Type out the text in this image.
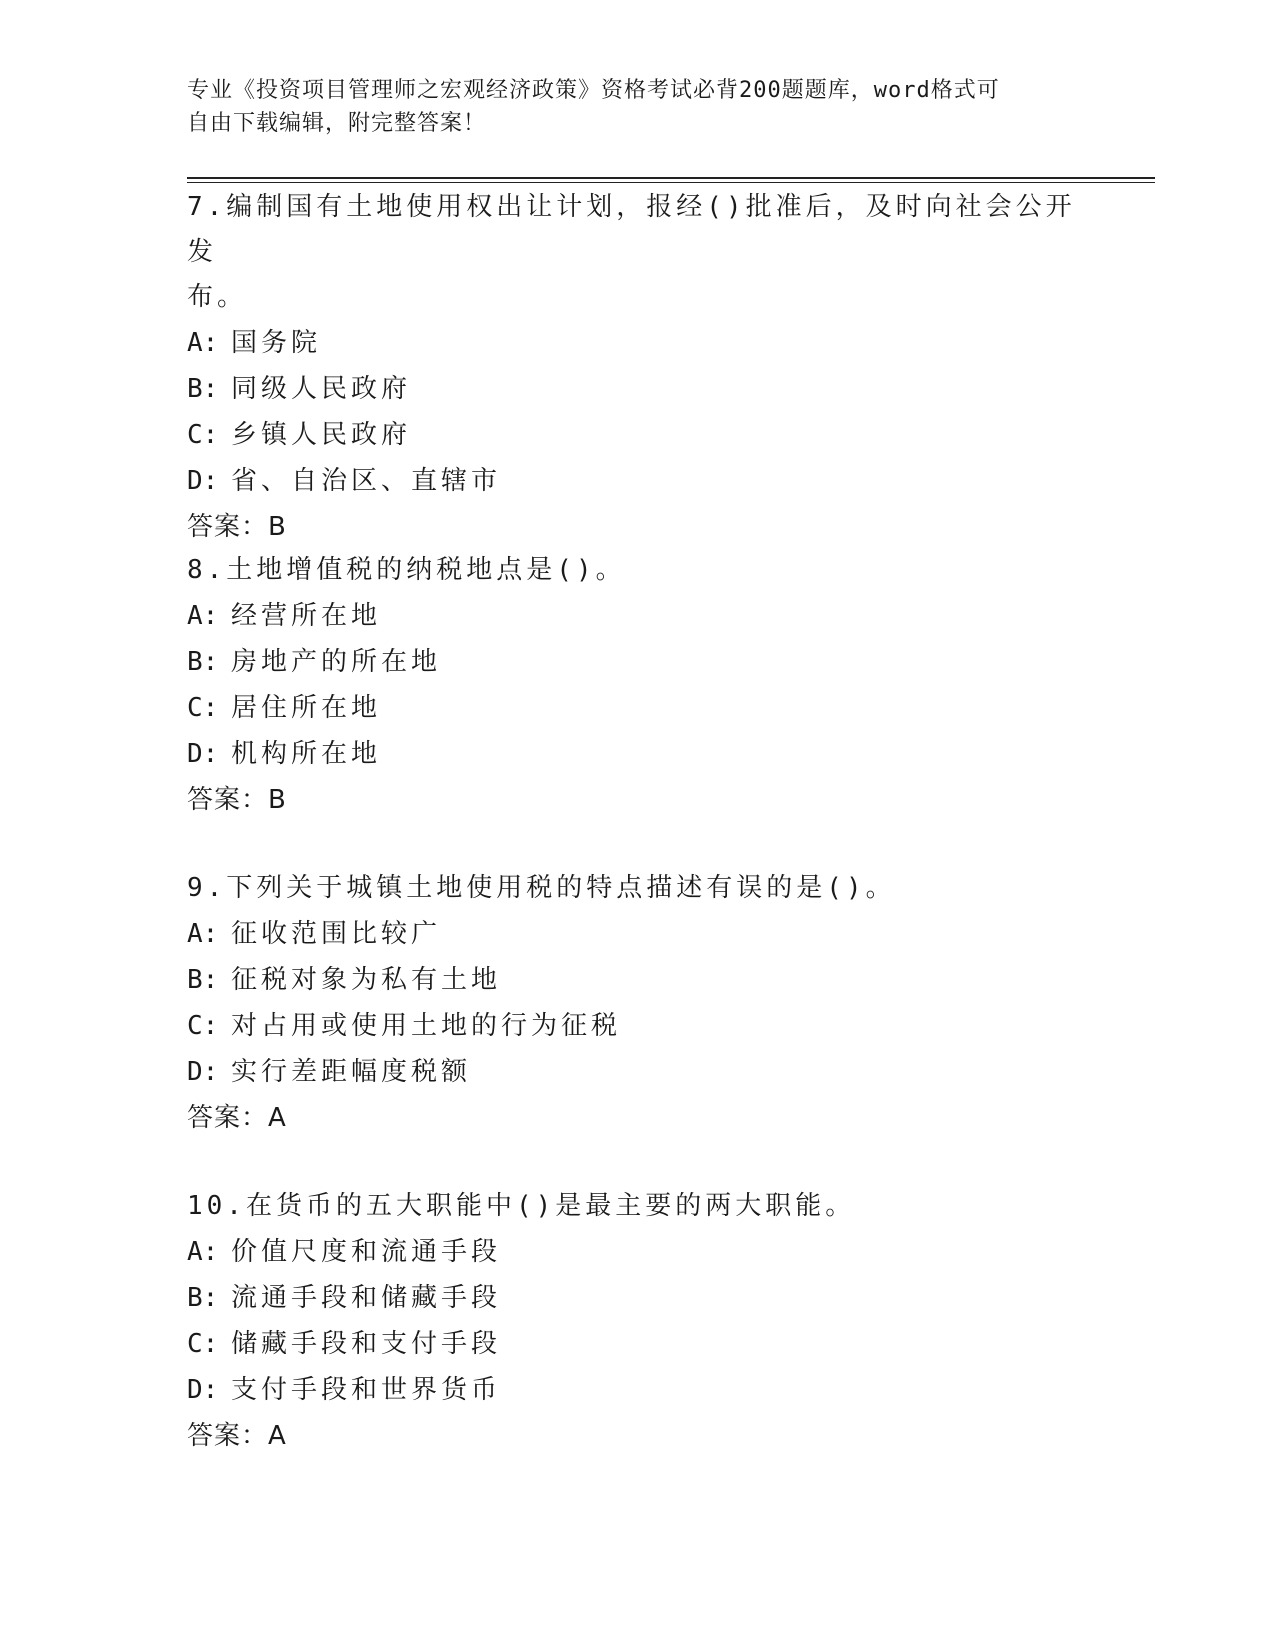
专业《投资项目管理师之宏观经济政策》资格考试必背200题题库，word格式可
自由下载编辑，附完整答案！

7.编制国有土地使用权出让计划，报经()批准后，及时向社会公开发

布。

A: 国务院

B: 同级人民政府

C: 乡镇人民政府

D: 省、自治区、直辖市

答案：B

8.土地增值税的纳税地点是()。

A: 经营所在地

B: 房地产的所在地

C: 居住所在地

D: 机构所在地

答案：B

9.下列关于城镇土地使用税的特点描述有误的是()。

A: 征收范围比较广

B: 征税对象为私有土地

C: 对占用或使用土地的行为征税

D: 实行差距幅度税额

答案：A

10.在货币的五大职能中()是最主要的两大职能。

A: 价值尺度和流通手段

B: 流通手段和储藏手段

C: 储藏手段和支付手段

D: 支付手段和世界货币

答案：A
